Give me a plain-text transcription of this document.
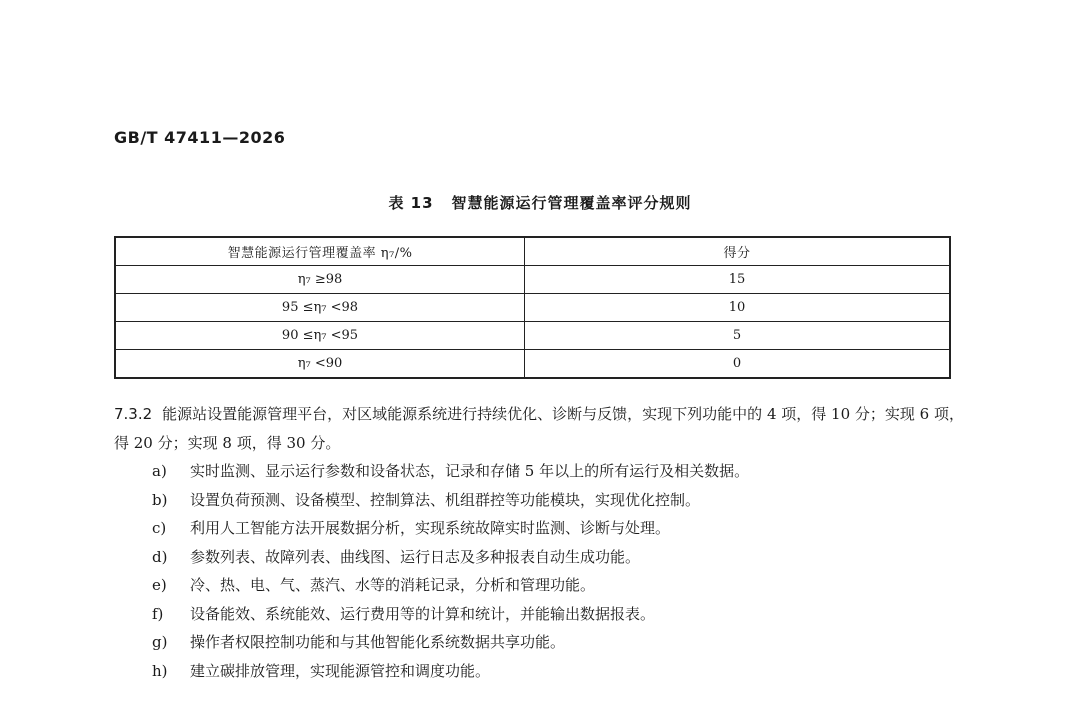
GB/T 47411—2026
表 13 智慧能源运行管理覆盖率评分规则
智慧能源运行管理覆盖率 η₇/%	得分
η₇ ≥98	15
95 ≤η₇ <98	10
90 ≤η₇ <95	5
η₇ <90	0
7.3.2 能源站设置能源管理平台，对区域能源系统进行持续优化、诊断与反馈，实现下列功能中的 4 项，得 10 分；实现 6 项，得 20 分；实现 8 项，得 30 分。
a)	实时监测、显示运行参数和设备状态，记录和存储 5 年以上的所有运行及相关数据。
b)	设置负荷预测、设备模型、控制算法、机组群控等功能模块，实现优化控制。
c)	利用人工智能方法开展数据分析，实现系统故障实时监测、诊断与处理。
d)	参数列表、故障列表、曲线图、运行日志及多种报表自动生成功能。
e)	冷、热、电、气、蒸汽、水等的消耗记录，分析和管理功能。
f)	设备能效、系统能效、运行费用等的计算和统计，并能输出数据报表。
g)	操作者权限控制功能和与其他智能化系统数据共享功能。
h)	建立碳排放管理，实现能源管控和调度功能。
